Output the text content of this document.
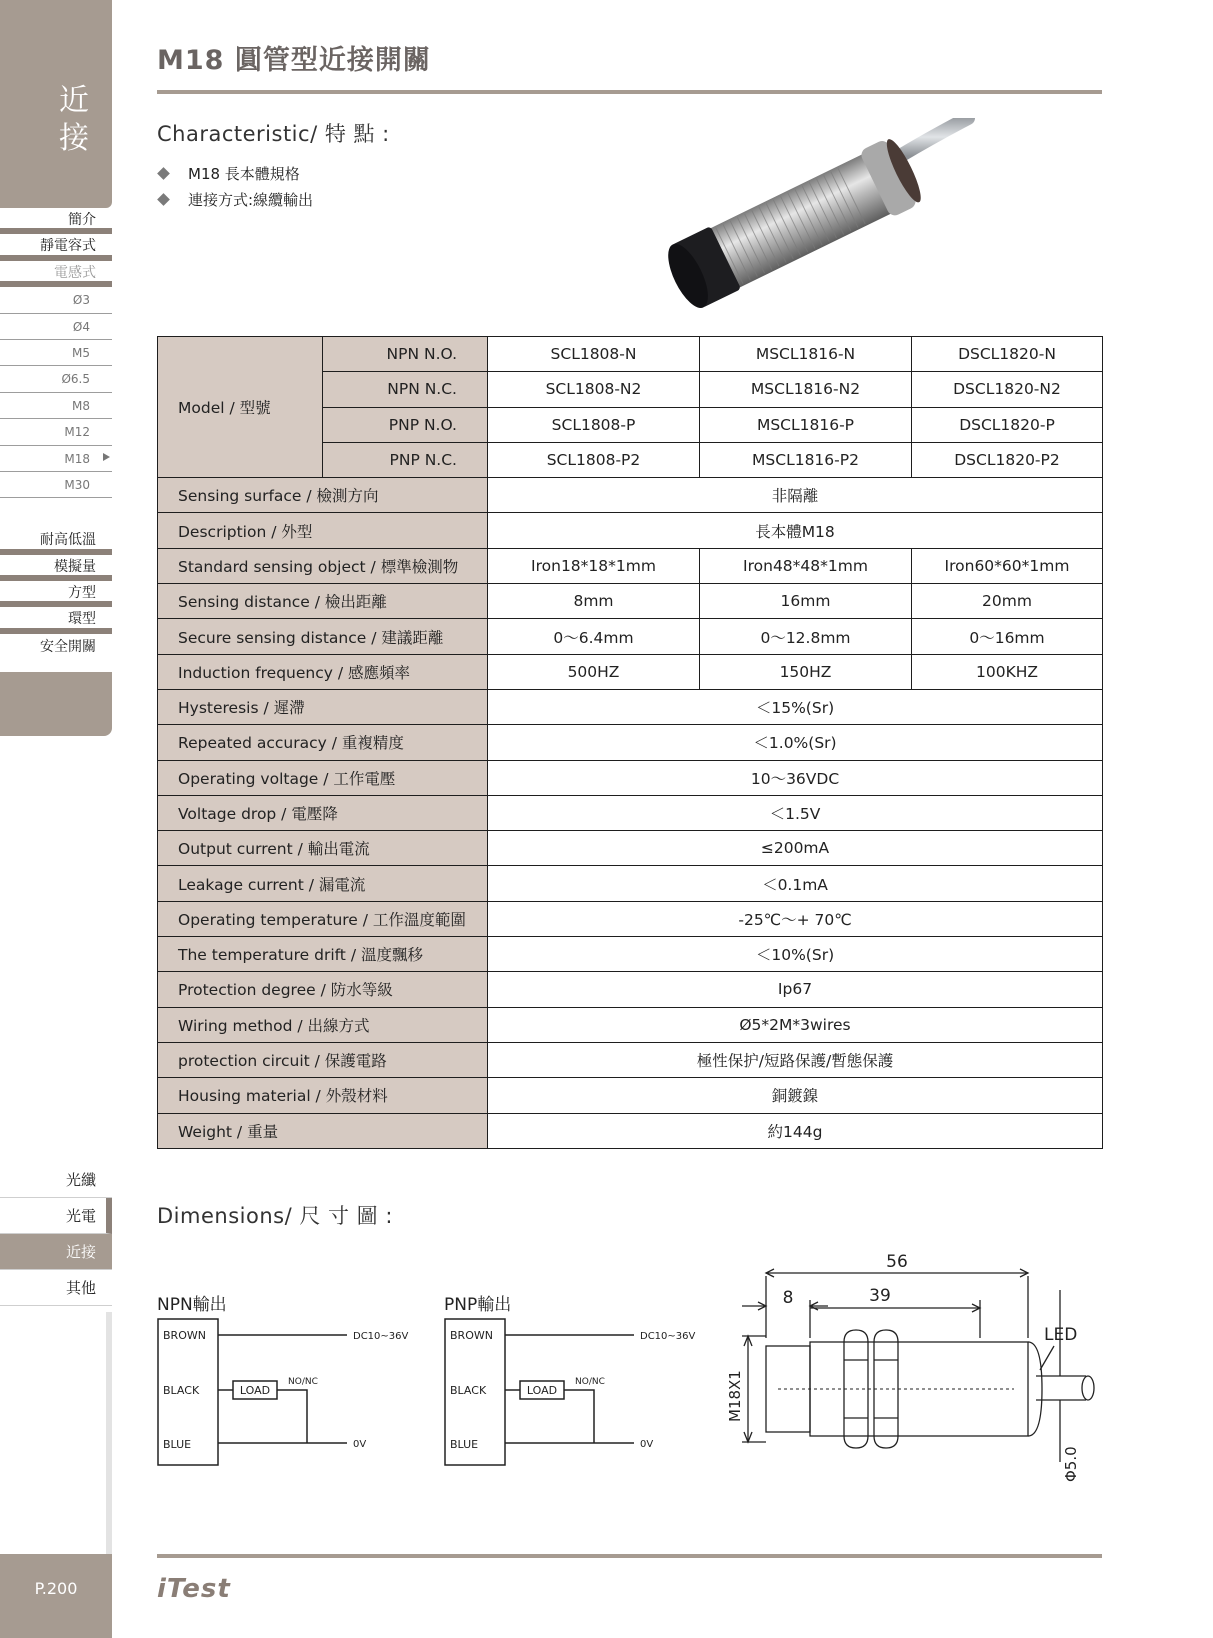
近
接
簡介
靜電容式
電感式
Ø3
Ø4
M5
Ø6.5
M8
M12
M18
M30
耐高低溫
模擬量
方型
環型
安全開關
光纖
光電
近接
其他
P.200
M18 圓管型近接開關
Characteristic/ 特 點 :
M18 長本體規格
連接方式:線纜輸出
Model / 型號	NPN N.O.	SCL1808-N	MSCL1816-N	DSCL1820-N
	NPN N.C.	SCL1808-N2	MSCL1816-N2	DSCL1820-N2
	PNP N.O.	SCL1808-P	MSCL1816-P	DSCL1820-P
	PNP N.C.	SCL1808-P2	MSCL1816-P2	DSCL1820-P2
Sensing surface / 檢測方向		非隔離		
Description / 外型		長本體M18		
Standard sensing object / 標準檢測物		Iron18*18*1mm	Iron48*48*1mm	Iron60*60*1mm
Sensing distance / 檢出距離		8mm	16mm	20mm
Secure sensing distance / 建議距離		0～6.4mm	0～12.8mm	0～16mm
Induction frequency / 感應頻率		500HZ	150HZ	100KHZ
Hysteresis / 遲滯		＜15%(Sr)		
Repeated accuracy / 重複精度		＜1.0%(Sr)		
Operating voltage / 工作電壓		10～36VDC		
Voltage drop / 電壓降		＜1.5V		
Output current / 輸出電流		≤200mA		
Leakage current / 漏電流		＜0.1mA		
Operating temperature / 工作溫度範圍		-25℃～+ 70℃		
The temperature drift / 溫度飄移		＜10%(Sr)		
Protection degree / 防水等級		Ip67		
Wiring method / 出線方式		Ø5*2M*3wires		
protection circuit / 保護電路		極性保护/短路保護/暫態保護		
Housing material / 外殼材料		銅鍍鎳		
Weight / 重量		約144g		
Dimensions/ 尺 寸 圖 :
NPN輸出	PNP輸出
BROWN
BLACK
BLUE
LOAD
NO/NC
DC10~36V
0V
BROWN
BLACK
BLUE
LOAD
NO/NC
DC10~36V
0V
56
8	39
M18X1
LED
Φ5.0
iTest
